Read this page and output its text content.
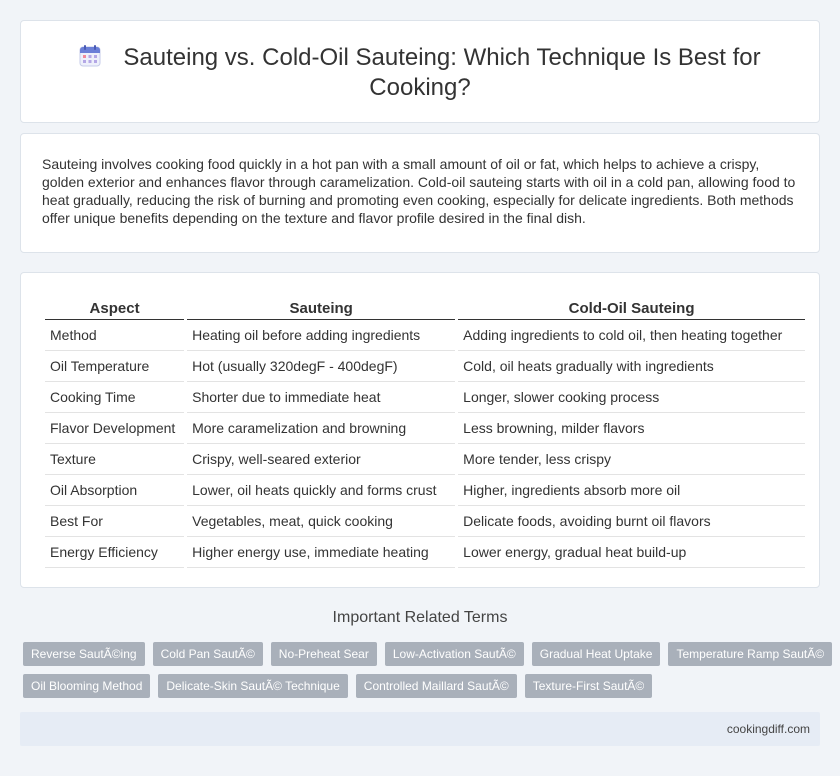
Sauteing vs. Cold-Oil Sauteing: Which Technique Is Best for Cooking?

Sauteing involves cooking food quickly in a hot pan with a small amount of oil or fat, which helps to achieve a crispy, golden exterior and enhances flavor through caramelization. Cold-oil sauteing starts with oil in a cold pan, allowing food to heat gradually, reducing the risk of burning and promoting even cooking, especially for delicate ingredients. Both methods offer unique benefits depending on the texture and flavor profile desired in the final dish.

Aspect	Sauteing	Cold-Oil Sauteing
Method	Heating oil before adding ingredients	Adding ingredients to cold oil, then heating together
Oil Temperature	Hot (usually 320degF - 400degF)	Cold, oil heats gradually with ingredients
Cooking Time	Shorter due to immediate heat	Longer, slower cooking process
Flavor Development	More caramelization and browning	Less browning, milder flavors
Texture	Crispy, well-seared exterior	More tender, less crispy
Oil Absorption	Lower, oil heats quickly and forms crust	Higher, ingredients absorb more oil
Best For	Vegetables, meat, quick cooking	Delicate foods, avoiding burnt oil flavors
Energy Efficiency	Higher energy use, immediate heating	Lower energy, gradual heat build-up
Important Related Terms
Reverse SautÃ©ing	Cold Pan SautÃ©	No-Preheat Sear	Low-Activation SautÃ©	Gradual Heat Uptake	Temperature Ramp SautÃ©
Oil Blooming Method	Delicate-Skin SautÃ© Technique	Controlled Maillard SautÃ©	Texture-First SautÃ©
cookingdiff.com
